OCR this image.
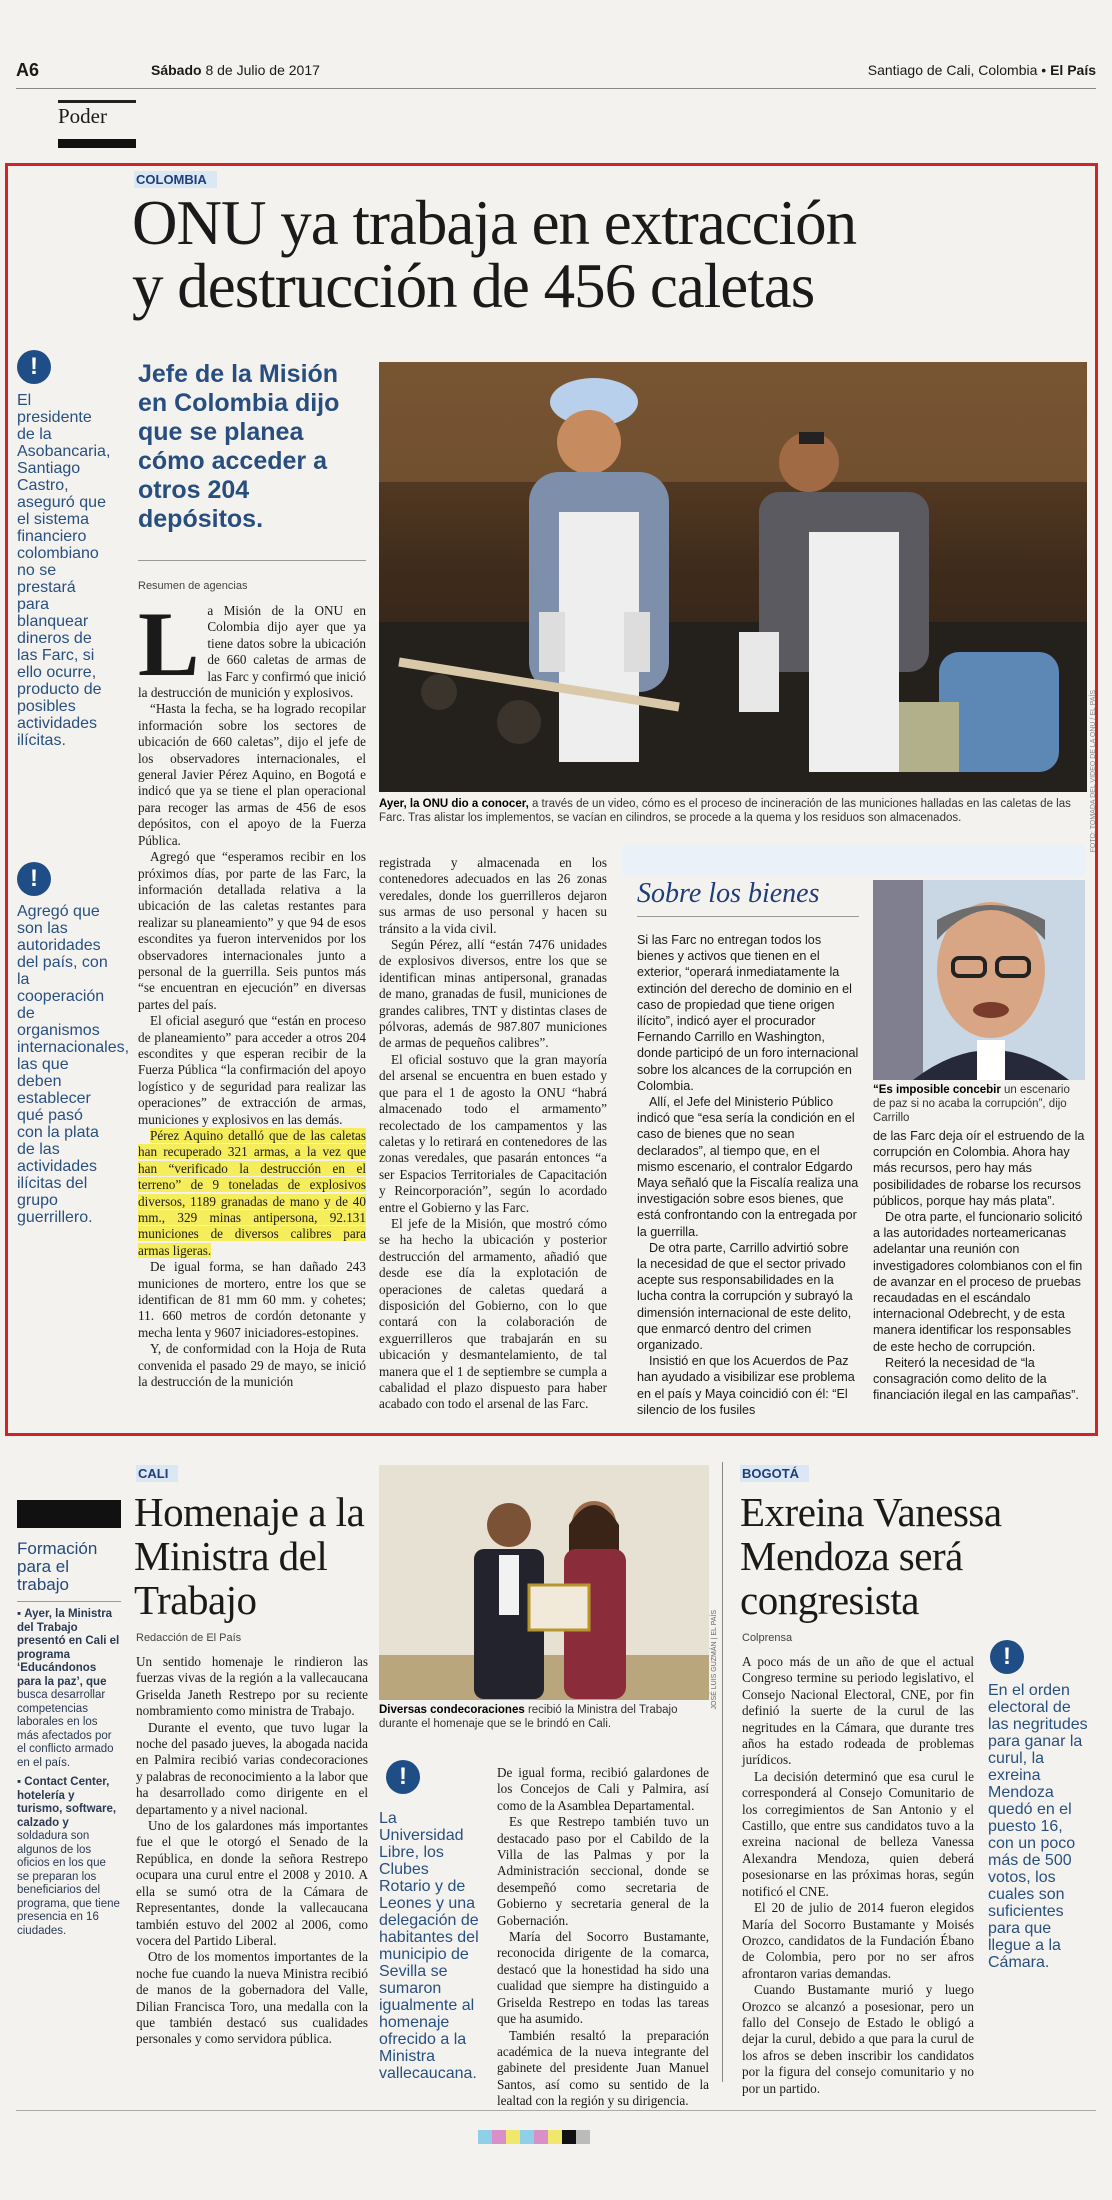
A6	Sábado 8 de Julio de 2017	Santiago de Cali, Colombia • El País
Poder
COLOMBIA
ONU ya trabaja en extracción
y destrucción de 456 caletas
!
El presidente de la Asobancaria, Santiago Castro, aseguró que el sistema financiero colombiano no se prestará para blanquear dineros de las Farc, si ello ocurre, producto de posibles actividades ilícitas.
!
Agregó que son las autoridades del país, con la cooperación de organismos internacionales, las que deben establecer qué pasó con la plata de las actividades ilícitas del grupo guerrillero.
Jefe de la Misión en Colombia dijo que se planea cómo acceder a otros 204 depósitos.
Resumen de agencias
L a Misión de la ONU en Colombia dijo ayer que ya tiene datos sobre la ubicación de 660 caletas de armas de las Farc y confirmó que inició la destrucción de munición y explosivos.

“Hasta la fecha, se ha logrado recopilar información sobre los sectores de ubicación de 660 caletas”, dijo el jefe de los observadores internacionales, el general Javier Pérez Aquino, en Bogotá e indicó que ya se tiene el plan operacional para recoger las armas de 456 de esos depósitos, con el apoyo de la Fuerza Pública.

Agregó que “esperamos recibir en los próximos días, por parte de las Farc, la información detallada relativa a la ubicación de las caletas restantes para realizar su planeamiento” y que 94 de esos escondites ya fueron intervenidos por los observadores internacionales junto a personal de la guerrilla. Seis puntos más “se encuentran en ejecución” en diversas partes del país.

El oficial aseguró que “están en proceso de planeamiento” para acceder a otros 204 escondites y que esperan recibir de la Fuerza Pública “la confirmación del apoyo logístico y de seguridad para realizar las operaciones” de extracción de armas, municiones y explosivos en las demás.

Pérez Aquino detalló que de las caletas han recuperado 321 armas, a la vez que han “verificado la destrucción en el terreno” de 9 toneladas de explosivos diversos, 1189 granadas de mano y de 40 mm., 329 minas antipersona, 92.131 municiones de diversos calibres para armas ligeras.

De igual forma, se han dañado 243 municiones de mortero, entre los que se identifican de 81 mm 60 mm. y cohetes; 11. 660 metros de cordón detonante y mecha lenta y 9607 iniciadores-estopines.

Y, de conformidad con la Hoja de Ruta convenida el pasado 29 de mayo, se inició la destrucción de la munición

FOTO: TOMADA DEL VIDEO DE LA ONU / EL PAÍS
Ayer, la ONU dio a conocer, a través de un video, cómo es el proceso de incineración de las municiones halladas en las caletas de las Farc. Tras alistar los implementos, se vacían en cilindros, se procede a la quema y los residuos son almacenados.

registrada y almacenada en los contenedores adecuados en las 26 zonas veredales, donde los guerrilleros dejaron sus armas de uso personal y hacen su tránsito a la vida civil.

Según Pérez, allí “están 7476 unidades de explosivos diversos, entre los que se identifican minas antipersonal, granadas de mano, granadas de fusil, municiones de grandes calibres, TNT y distintas clases de pólvoras, además de 987.807 municiones de armas de pequeños calibres”.

El oficial sostuvo que la gran mayoría del arsenal se encuentra en buen estado y que para el 1 de agosto la ONU “habrá almacenado todo el armamento” recolectado de los campamentos y las caletas y lo retirará en contenedores de las zonas veredales, que pasarán entonces “a ser Espacios Territoriales de Capacitación y Reincorporación”, según lo acordado entre el Gobierno y las Farc.

El jefe de la Misión, que mostró cómo se ha hecho la ubicación y posterior destrucción del armamento, añadió que desde ese día la explotación de operaciones de caletas quedará a disposición del Gobierno, con lo que contará con la colaboración de exguerrilleros que trabajarán en su ubicación y desmantelamiento, de tal manera que el 1 de septiembre se cumpla a cabalidad el plazo dispuesto para haber acabado con todo el arsenal de las Farc.

Sobre los bienes

Si las Farc no entregan todos los bienes y activos que tienen en el exterior, “operará inmediatamente la extinción del derecho de dominio en el caso de propiedad que tiene origen ilícito”, indicó ayer el procurador Fernando Carrillo en Washington, donde participó de un foro internacional sobre los alcances de la corrupción en Colombia.

Allí, el Jefe del Ministerio Público indicó que “esa sería la condición en el caso de bienes que no sean declarados”, al tiempo que, en el mismo escenario, el contralor Edgardo Maya señaló que la Fiscalía realiza una investigación sobre esos bienes, que está confrontando con la entregada por la guerrilla.

De otra parte, Carrillo advirtió sobre la necesidad de que el sector privado acepte sus responsabilidades en la lucha contra la corrupción y subrayó la dimensión internacional de este delito, que enmarcó dentro del crimen organizado.

Insistió en que los Acuerdos de Paz han ayudado a visibilizar ese problema en el país y Maya coincidió con él: “El silencio de los fusiles

“Es imposible concebir un escenario de paz si no acaba la corrupción”, dijo Carrillo

de las Farc deja oír el estruendo de la corrupción en Colombia. Ahora hay más recursos, pero hay más posibilidades de robarse los recursos públicos, porque hay más plata”.

De otra parte, el funcionario solicitó a las autoridades norteamericanas adelantar una reunión con investigadores colombianos con el fin de avanzar en el proceso de pruebas recaudadas en el escándalo internacional Odebrecht, y de esta manera identificar los responsables de este hecho de corrupción.

Reiteró la necesidad de “la consagración como delito de la financiación ilegal en las campañas”.

Formación para el trabajo
▪ Ayer, la Ministra del Trabajo presentó en Cali el programa ‘Educándonos para la paz’, que busca desarrollar competencias laborales en los más afectados por el conflicto armado en el país.
▪ Contact Center, hotelería y turismo, software, calzado y soldadura son algunos de los oficios en los que se preparan los beneficiarios del programa, que tiene presencia en 16 ciudades.
CALI
Homenaje a la Ministra del Trabajo
Redacción de El País

Un sentido homenaje le rindieron las fuerzas vivas de la región a la vallecaucana Griselda Janeth Restrepo por su reciente nombramiento como ministra de Trabajo.

Durante el evento, que tuvo lugar la noche del pasado jueves, la abogada nacida en Palmira recibió varias condecoraciones y palabras de reconocimiento a la labor que ha desarrollado como dirigente en el departamento y a nivel nacional.

Uno de los galardones más importantes fue el que le otorgó el Senado de la República, en donde la señora Restrepo ocupara una curul entre el 2008 y 2010. A ella se sumó otra de la Cámara de Representantes, donde la vallecaucana también estuvo del 2002 al 2006, como vocera del Partido Liberal.

Otro de los momentos importantes de la noche fue cuando la nueva Ministra recibió de manos de la gobernadora del Valle, Dilian Francisca Toro, una medalla con la que también destacó sus cualidades personales y como servidora pública.

JOSÉ LUIS GUZMÁN | EL PAÍS
Diversas condecoraciones recibió la Ministra del Trabajo durante el homenaje que se le brindó en Cali.
!
La Universidad Libre, los Clubes Rotario y de Leones y una delegación de habitantes del municipio de Sevilla se sumaron igualmente al homenaje ofrecido a la Ministra vallecaucana.

De igual forma, recibió galardones de los Concejos de Cali y Palmira, así como de la Asamblea Departamental.

Es que Restrepo también tuvo un destacado paso por el Cabildo de la Villa de las Palmas y por la Administración seccional, donde se desempeñó como secretaria de Gobierno y secretaria general de la Gobernación.

María del Socorro Bustamante, reconocida dirigente de la comarca, destacó que la honestidad ha sido una cualidad que siempre ha distinguido a Griselda Restrepo en todas las tareas que ha asumido.

También resaltó la preparación académica de la nueva integrante del gabinete del presidente Juan Manuel Santos, así como su sentido de la lealtad con la región y su dirigencia.

BOGOTÁ
Exreina Vanessa Mendoza será congresista
Colprensa

A poco más de un año de que el actual Congreso termine su periodo legislativo, el Consejo Nacional Electoral, CNE, por fin definió la suerte de la curul de las negritudes en la Cámara, que durante tres años ha estado rodeada de problemas jurídicos.

La decisión determinó que esa curul le corresponderá al Consejo Comunitario de los corregimientos de San Antonio y el Castillo, que entre sus candidatos tuvo a la exreina nacional de belleza Vanessa Alexandra Mendoza, quien deberá posesionarse en las próximas horas, según notificó el CNE.

El 20 de julio de 2014 fueron elegidos María del Socorro Bustamante y Moisés Orozco, candidatos de la Fundación Ébano de Colombia, pero por no ser afros afrontaron varias demandas.

Cuando Bustamante murió y luego Orozco se alcanzó a posesionar, pero un fallo del Consejo de Estado le obligó a dejar la curul, debido a que para la curul de los afros se deben inscribir los candidatos por la figura del consejo comunitario y no por un partido.

!
En el orden electoral de las negritudes para ganar la curul, la exreina Mendoza quedó en el puesto 16, con un poco más de 500 votos, los cuales son suficientes para que llegue a la Cámara.
